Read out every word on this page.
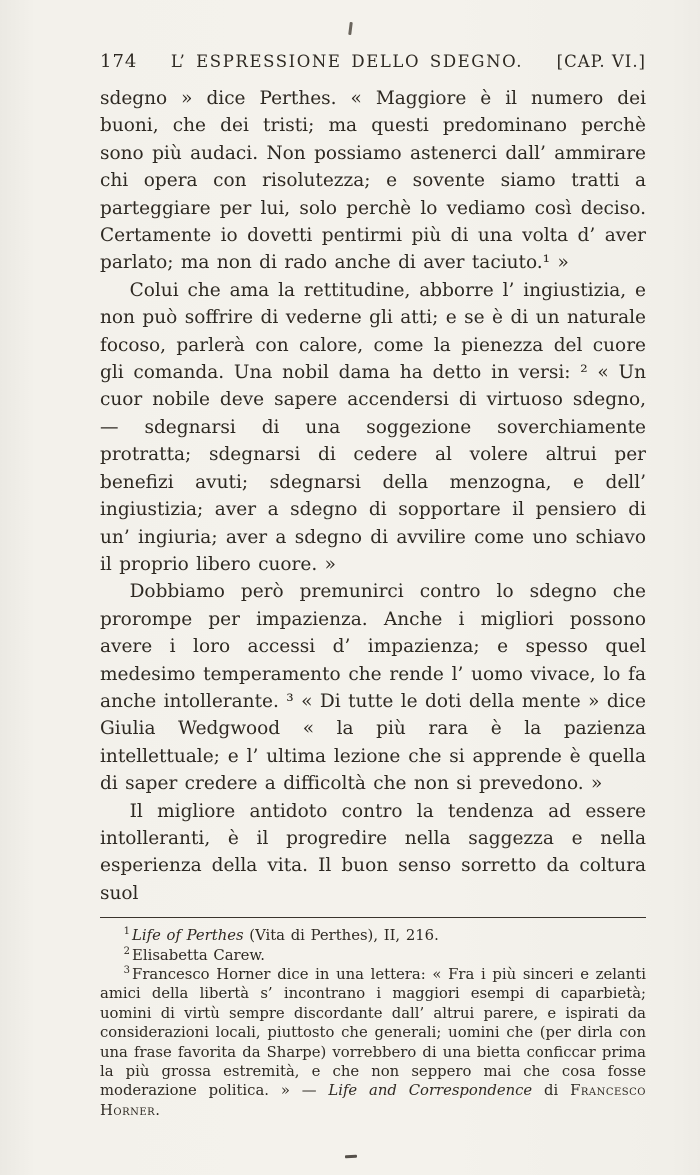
174 L’ ESPRESSIONE DELLO SDEGNO. [CAP. VI.]

sdegno » dice Perthes. « Maggiore è il numero dei buoni, che dei tristi; ma questi predominano perchè sono più audaci. Non possiamo astenerci dall’ ammirare chi opera con risolutezza; e sovente siamo tratti a parteggiare per lui, solo perchè lo vediamo così deciso. Certamente io dovetti pentirmi più di una volta d’ aver parlato; ma non di rado anche di aver taciuto.¹ »

Colui che ama la rettitudine, abborre l’ ingiustizia, e non può soffrire di vederne gli atti; e se è di un naturale focoso, parlerà con calore, come la pienezza del cuore gli comanda. Una nobil dama ha detto in versi: ² « Un cuor nobile deve sapere accendersi di virtuoso sdegno, — sdegnarsi di una soggezione soverchiamente protratta; sdegnarsi di cedere al volere altrui per benefizi avuti; sdegnarsi della menzogna, e dell’ ingiustizia; aver a sdegno di sopportare il pensiero di un’ ingiuria; aver a sdegno di avvilire come uno schiavo il proprio libero cuore. »

Dobbiamo però premunirci contro lo sdegno che prorompe per impazienza. Anche i migliori possono avere i loro accessi d’ impazienza; e spesso quel medesimo temperamento che rende l’ uomo vivace, lo fa anche intollerante. ³ « Di tutte le doti della mente » dice Giulia Wedgwood « la più rara è la pazienza intellettuale; e l’ ultima lezione che si apprende è quella di saper credere a difficoltà che non si prevedono. »

Il migliore antidoto contro la tendenza ad essere intolleranti, è il progredire nella saggezza e nella esperienza della vita. Il buon senso sorretto da coltura suol

$^1$ Life of Perthes (Vita di Perthes), II, 216.

$^2$ Elisabetta Carew.

$^3$ Francesco Horner dice in una lettera: « Fra i più sinceri e zelanti amici della libertà s’ incontrano i maggiori esempi di caparbietà; uomini di virtù sempre discordante dall’ altrui parere, e ispirati da considerazioni locali, piuttosto che generali; uomini che (per dirla con una frase favorita da Sharpe) vorrebbero di una bietta conficcar prima la più grossa estremità, e che non seppero mai che cosa fosse moderazione politica. » — Life and Correspondence di Francesco Horner.
